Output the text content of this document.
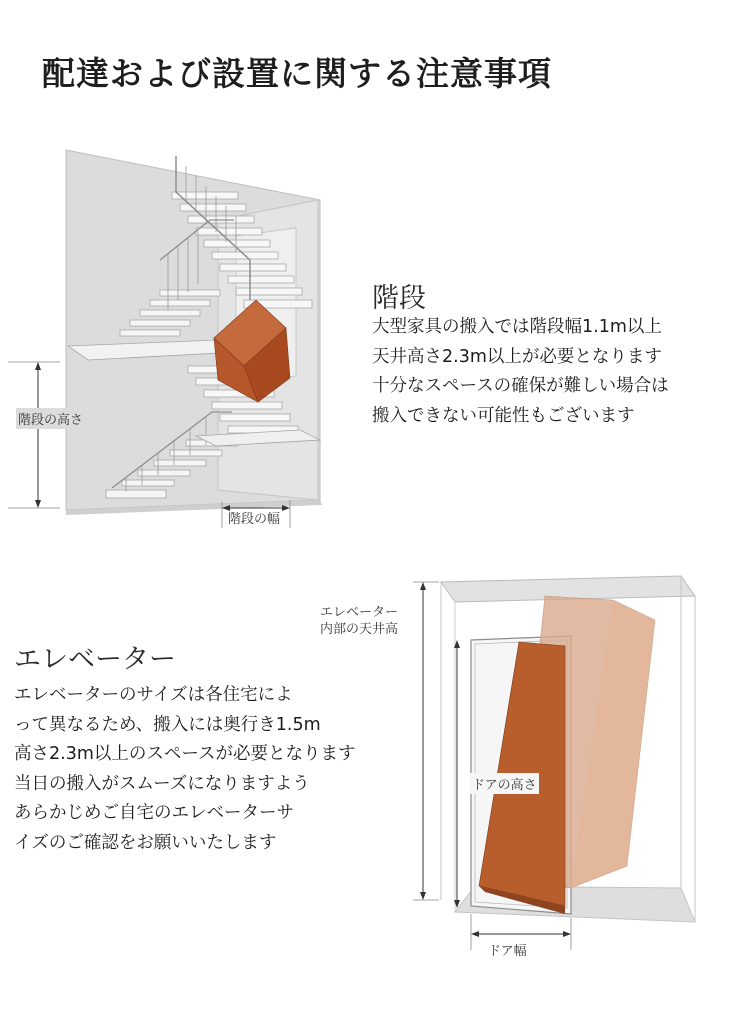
配達および設置に関する注意事項
階段の高さ
階段の幅
階段
大型家具の搬入では階段幅1.1m以上
天井高さ2.3m以上が必要となります
十分なスペースの確保が難しい場合は
搬入できない可能性もございます
エレベーター
エレベーターのサイズは各住宅によ
って異なるため、搬入には奥行き1.5m
高さ2.3m以上のスペースが必要となります
当日の搬入がスムーズになりますよう
あらかじめご自宅のエレベーターサ
イズのご確認をお願いいたします
エレベーター
内部の天井高
ドアの高さ
ドア幅
